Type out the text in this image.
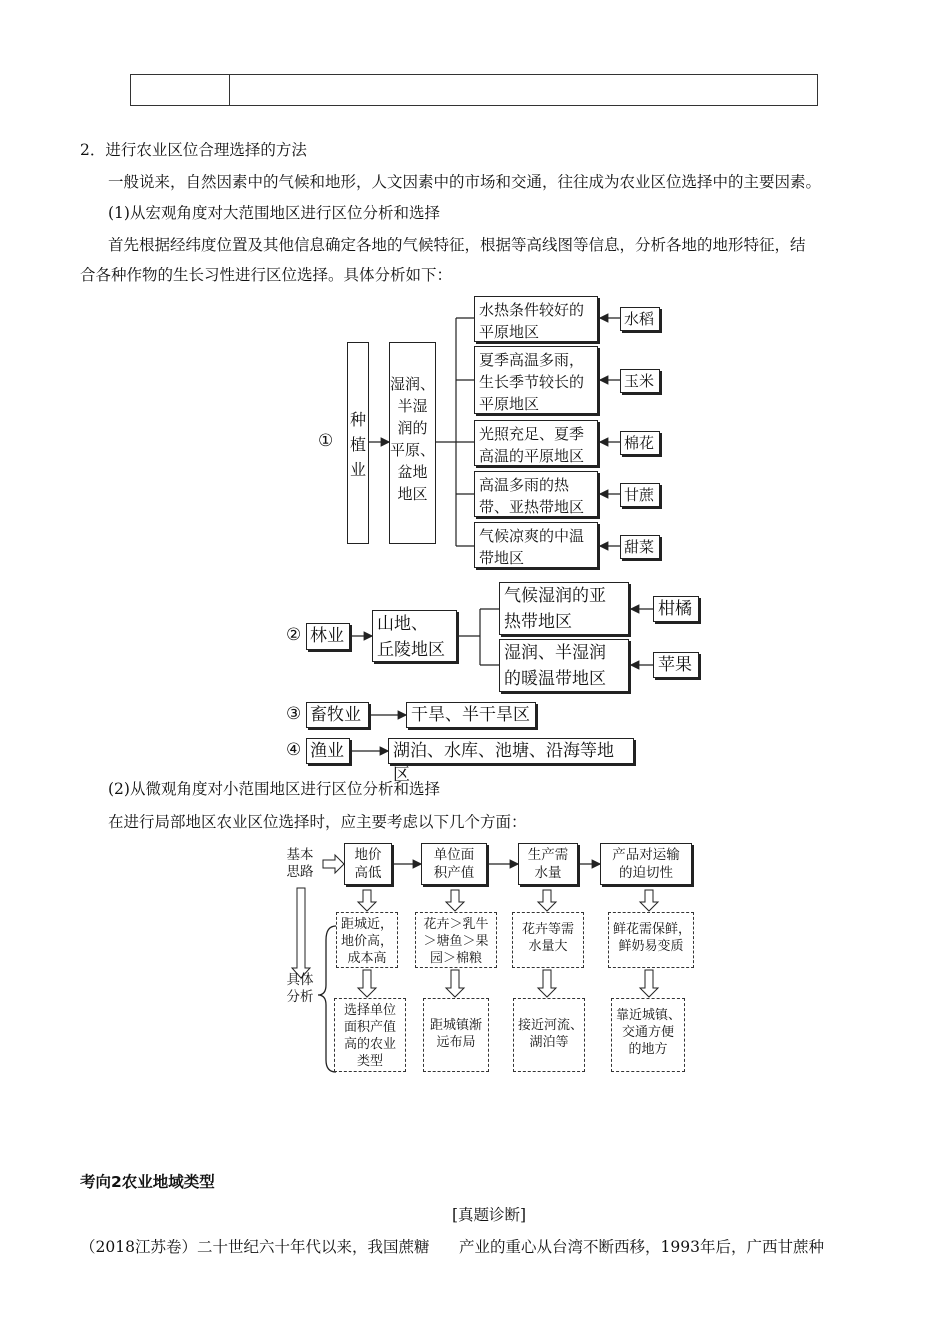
2．进行农业区位合理选择的方法
一般说来，自然因素中的气候和地形，人文因素中的市场和交通，往往成为农业区位选择中的主要因素。
(1)从宏观角度对大范围地区进行区位分析和选择
首先根据经纬度位置及其他信息确定各地的气候特征，根据等高线图等信息，分析各地的地形特征，结
合各种作物的生长习性进行区位选择。具体分析如下：
①
种
植
业
湿润、
半湿
润的
平原、
盆地
地区
水热条件较好的
平原地区
夏季高温多雨，
生长季节较长的
平原地区
光照充足、夏季
高温的平原地区
高温多雨的热
带、亚热带地区
气候凉爽的中温
带地区
水稻
玉米
棉花
甘蔗
甜菜
② 林业
山地、
丘陵地区
气候湿润的亚
热带地区
湿润、半湿润
的暖温带地区
柑橘
苹果
③ 畜牧业	干旱、半干旱区
④ 渔业	湖泊、水库、池塘、沿海等地区
(2)从微观角度对小范围地区进行区位分析和选择
在进行局部地区农业区位选择时，应主要考虑以下几个方面：
基本
思路
具体
分析
地价
高低
单位面
积产值
生产需
水量
产品对运输
的迫切性
距城近，
地价高，
成本高
花卉＞乳牛
＞塘鱼＞果
园＞棉粮
花卉等需
水量大
鲜花需保鲜，
鲜奶易变质
选择单位
面积产值
高的农业
类型
距城镇渐
远布局
接近河流、
湖泊等
靠近城镇、
交通方便
的地方
考向2农业地域类型
[真题诊断]
（2018江苏卷）二十世纪六十年代以来，我国蔗糖      产业的重心从台湾不断西移，1993年后，广西甘蔗种
